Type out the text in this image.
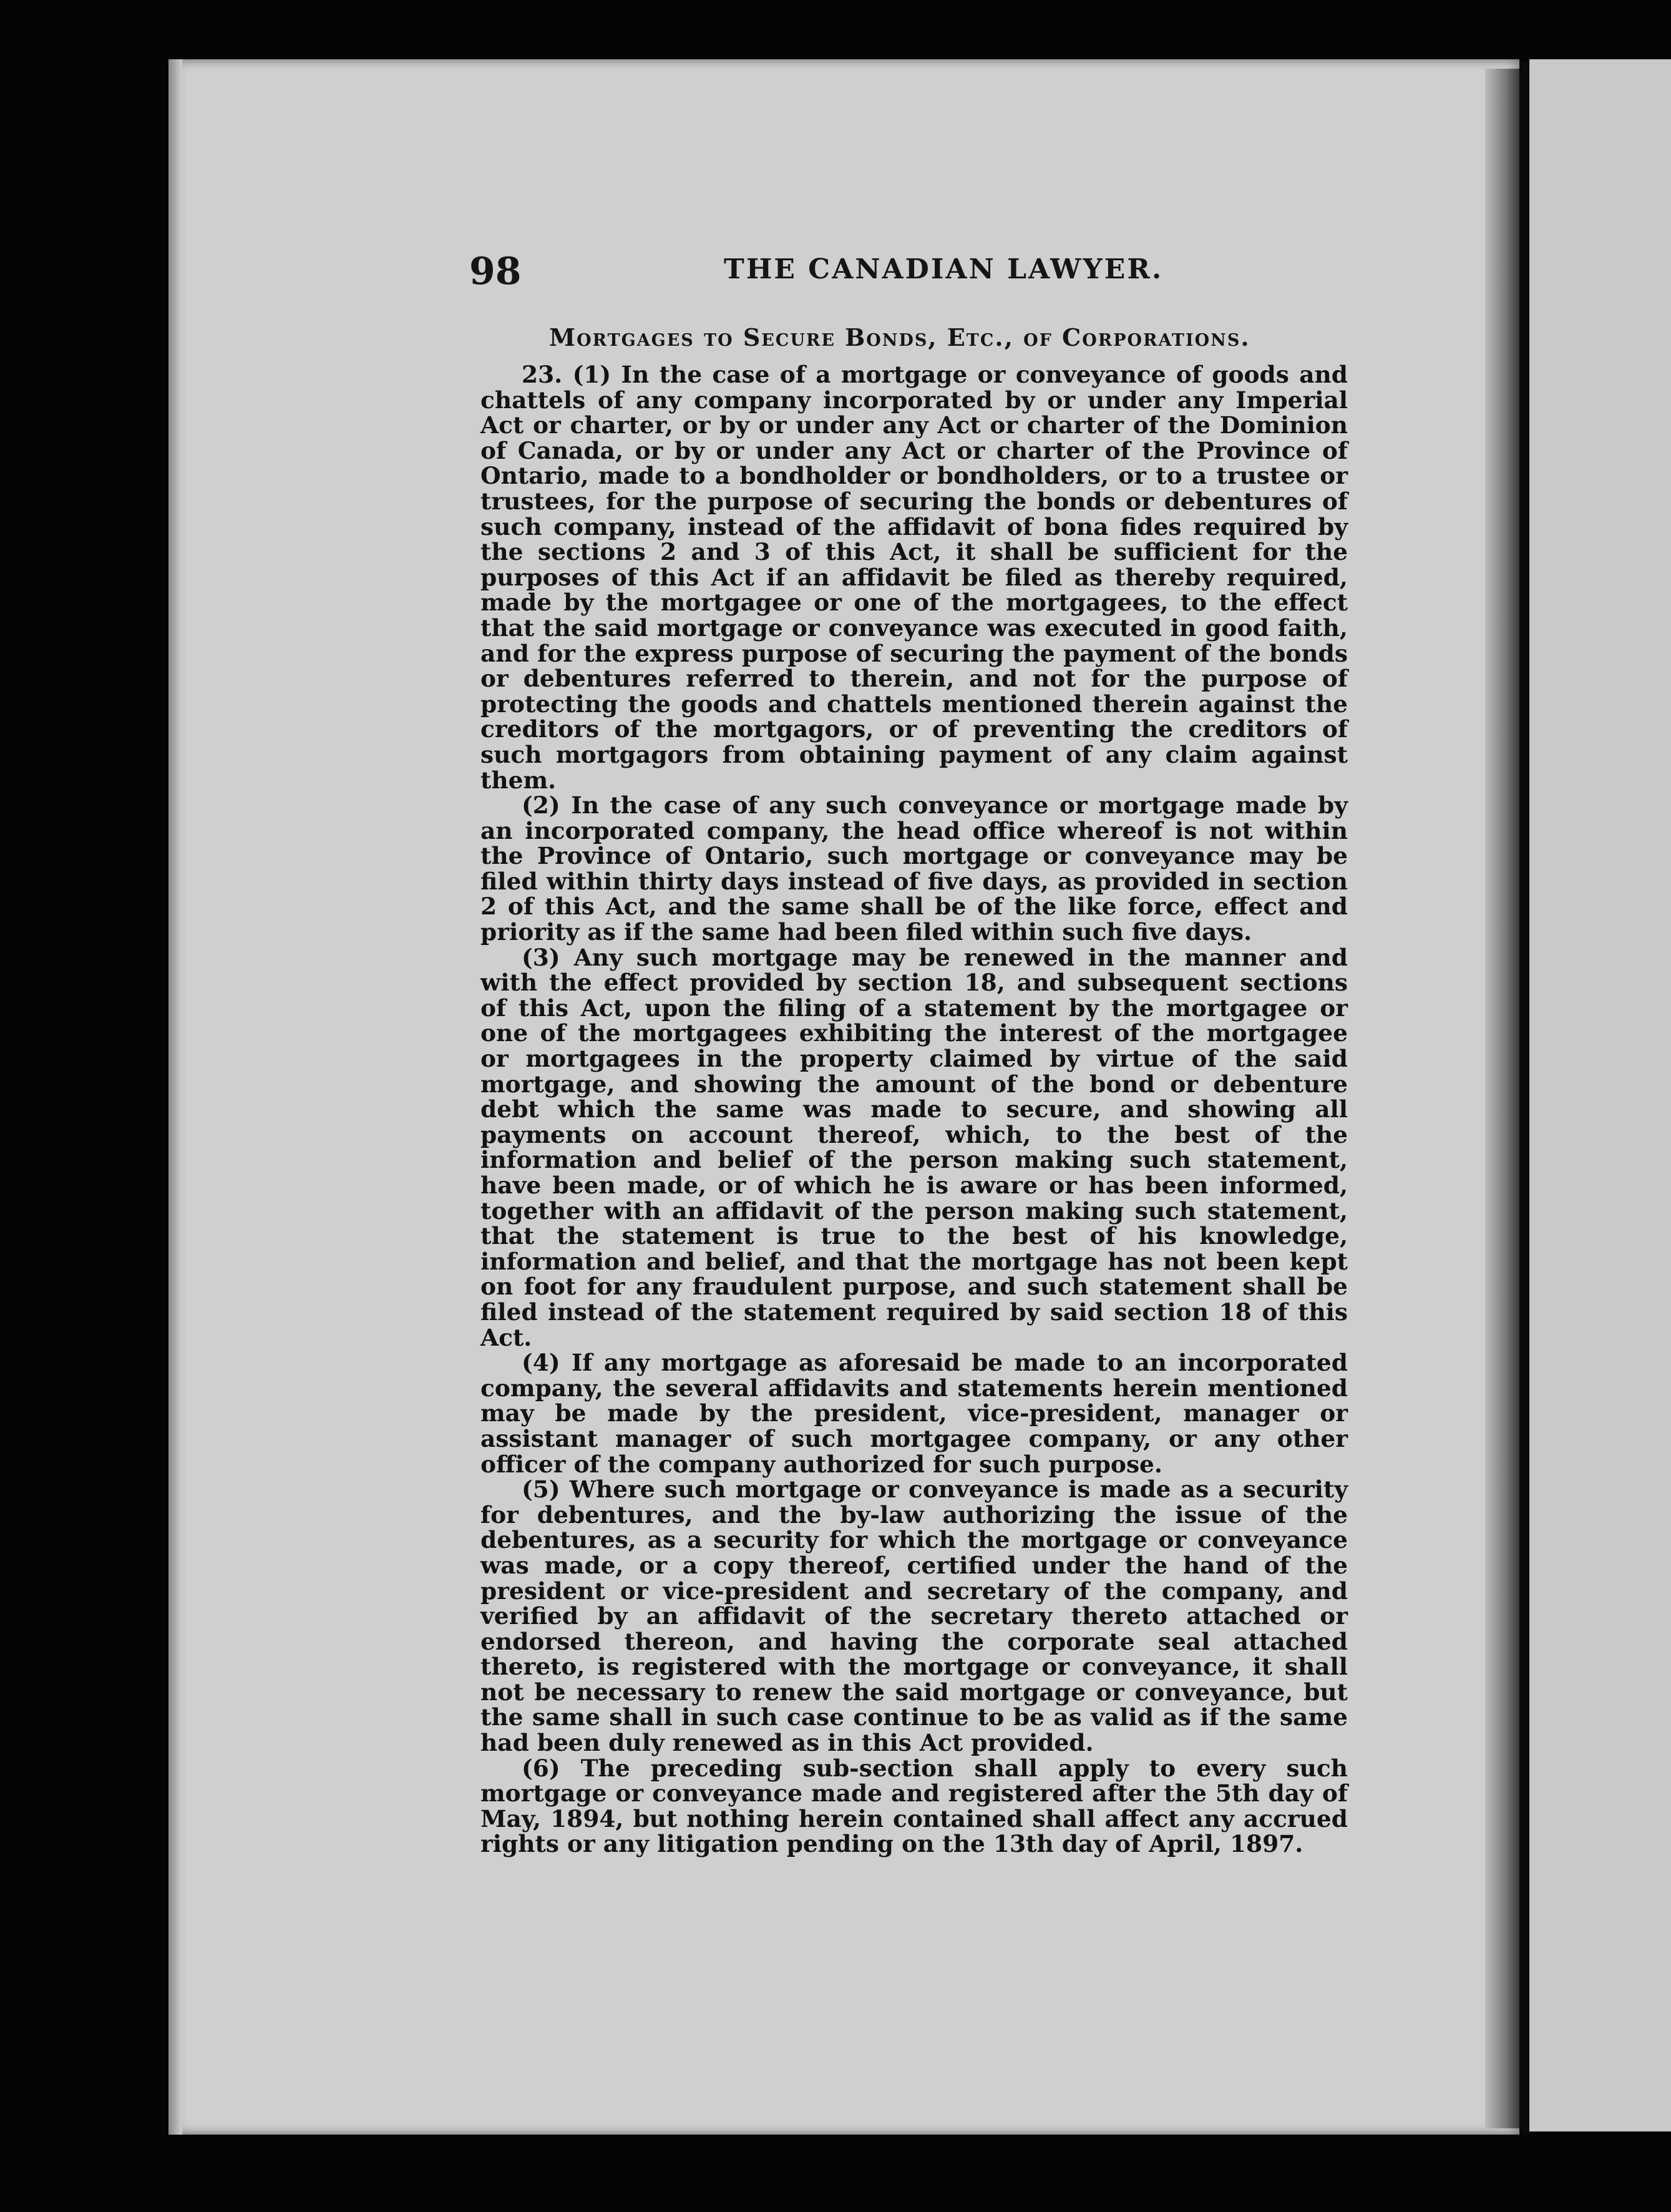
98	THE CANADIAN LAWYER.
Mortgages to Secure Bonds, Etc., of Corporations.

23. (1) In the case of a mortgage or conveyance of goods and chattels of any company incorporated by or under any Imperial Act or charter, or by or under any Act or charter of the Dominion of Canada, or by or under any Act or charter of the Province of Ontario, made to a bondholder or bondholders, or to a trustee or trustees, for the purpose of securing the bonds or debentures of such company, instead of the affidavit of bona fides required by the sections 2 and 3 of this Act, it shall be sufficient for the purposes of this Act if an affidavit be filed as thereby required, made by the mortgagee or one of the mortgagees, to the effect that the said mortgage or conveyance was executed in good faith, and for the express purpose of securing the payment of the bonds or debentures referred to therein, and not for the purpose of protecting the goods and chattels mentioned therein against the creditors of the mortgagors, or of preventing the creditors of such mortgagors from obtaining payment of any claim against them.

(2) In the case of any such conveyance or mortgage made by an incorporated company, the head office whereof is not within the Province of Ontario, such mortgage or conveyance may be filed within thirty days instead of five days, as provided in section 2 of this Act, and the same shall be of the like force, effect and priority as if the same had been filed within such five days.

(3) Any such mortgage may be renewed in the manner and with the effect provided by section 18, and subsequent sections of this Act, upon the filing of a statement by the mortgagee or one of the mortgagees exhibiting the interest of the mortgagee or mortgagees in the property claimed by virtue of the said mortgage, and showing the amount of the bond or debenture debt which the same was made to secure, and showing all payments on account thereof, which, to the best of the information and belief of the person making such statement, have been made, or of which he is aware or has been informed, together with an affidavit of the person making such statement, that the statement is true to the best of his knowledge, information and belief, and that the mortgage has not been kept on foot for any fraudulent purpose, and such statement shall be filed instead of the statement required by said section 18 of this Act.

(4) If any mortgage as aforesaid be made to an incorporated company, the several affidavits and statements herein mentioned may be made by the president, vice-president, manager or assistant manager of such mortgagee company, or any other officer of the company authorized for such purpose.

(5) Where such mortgage or conveyance is made as a security for debentures, and the by-law authorizing the issue of the debentures, as a security for which the mortgage or conveyance was made, or a copy thereof, certified under the hand of the president or vice-president and secretary of the company, and verified by an affidavit of the secretary thereto attached or endorsed thereon, and having the corporate seal attached thereto, is registered with the mortgage or conveyance, it shall not be necessary to renew the said mortgage or conveyance, but the same shall in such case continue to be as valid as if the same had been duly renewed as in this Act provided.

(6) The preceding sub-section shall apply to every such mortgage or conveyance made and registered after the 5th day of May, 1894, but nothing herein contained shall affect any accrued rights or any litigation pending on the 13th day of April, 1897.
